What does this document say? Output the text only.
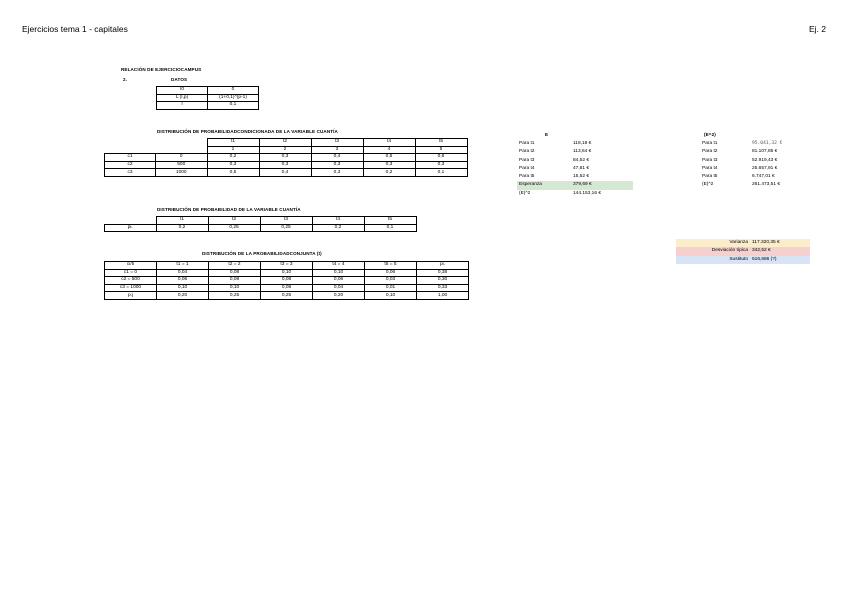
Ejercicios tema 1 - capitales	Ej. 2
RELACIÓN DE EJERCICIOCAMPUS
2.	DATOS
I0	0
L (I,p)	(1+0,1)^(p-1)
I	0,1
DISTRIBUCIÓN DE PROBABILIDADCONDICIONADA DE LA VARIABLE CUANTÍA
		t1	t2	t3	t4	t5
		1	2	3	4	5
c1	0	0,2	0,3	0,4	0,5	0,6
c2	500	0,3	0,3	0,3	0,3	0,3
c3	1000	0,5	0,4	0,3	0,2	0,1
DISTRIBUCIÓN DE PROBABILIDAD DE LA VARIABLE CUANTÍA
	t1	t2	t3	t4	t5
pi.	0,2	0,25	0,25	0,2	0,1
DISTRIBUCIÓN DE LA PROBABILIDADCONJUNTA (t)
ci/ti	t1 = 1	t2 = 2	t3 = 3	t4 = 4	t5 = 5	pi.
c1 = 0	0,04	0,08	0,10	0,10	0,06	0,38
c2 = 500	0,06	0,08	0,08	0,06	0,03	0,30
c3 = 1000	0,10	0,10	0,08	0,04	0,01	0,33
p.j	0,20	0,25	0,25	0,20	0,10	1,00
E
Para t1	118,18 €
Para t2	113,64 €
Para t3	84,52 €
Para t4	47,81 €
Para t5	15,52 €
Esperanza	379,69 €
(E)^2	144.153,16 €
(E^2)
Para t1	95.041,32 €
Para t2	81.107,85 €
Para t3	52.919,43 €
Para t4	25.657,91 €
Para t5	6.747,01 €
(E)^2	261.473,51 €
Varianza	117.320,35 €
Desviación típica	342,52 €
Sustituto	516,686 (?)
